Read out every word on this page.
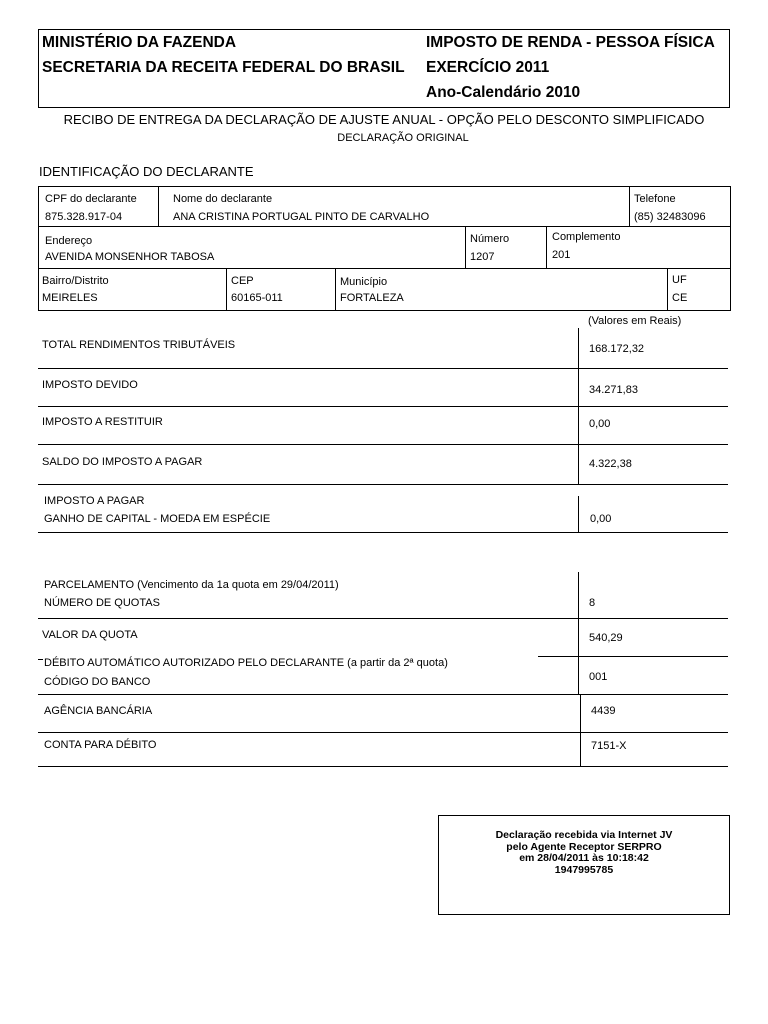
MINISTÉRIO DA FAZENDA
SECRETARIA DA RECEITA FEDERAL DO BRASIL
IMPOSTO DE RENDA - PESSOA FÍSICA
EXERCÍCIO 2011
Ano-Calendário 2010
RECIBO DE ENTREGA DA DECLARAÇÃO DE AJUSTE ANUAL - OPÇÃO PELO DESCONTO SIMPLIFICADO
DECLARAÇÃO ORIGINAL
IDENTIFICAÇÃO DO DECLARANTE
CPF do declarante
875.328.917-04
Nome do declarante
ANA CRISTINA PORTUGAL PINTO DE CARVALHO
Telefone
(85) 32483096
Endereço
AVENIDA MONSENHOR TABOSA
Número
1207
Complemento
201
Bairro/Distrito
MEIRELES
CEP
60165-011
Município
FORTALEZA
UF
CE
(Valores em Reais)
TOTAL RENDIMENTOS TRIBUTÁVEIS	168.172,32
IMPOSTO DEVIDO	34.271,83
IMPOSTO A RESTITUIR	0,00
SALDO DO IMPOSTO A PAGAR	4.322,38
IMPOSTO A PAGAR
GANHO DE CAPITAL - MOEDA EM ESPÉCIE	0,00
PARCELAMENTO (Vencimento da 1a quota em 29/04/2011)
NÚMERO DE QUOTAS	8
VALOR DA QUOTA	540,29
DÉBITO AUTOMÁTICO AUTORIZADO PELO DECLARANTE (a partir da 2ª quota)
CÓDIGO DO BANCO	001
AGÊNCIA BANCÁRIA	4439
CONTA PARA DÉBITO	7151-X
Declaração recebida via Internet JV
pelo Agente Receptor SERPRO
em 28/04/2011 às 10:18:42
1947995785
